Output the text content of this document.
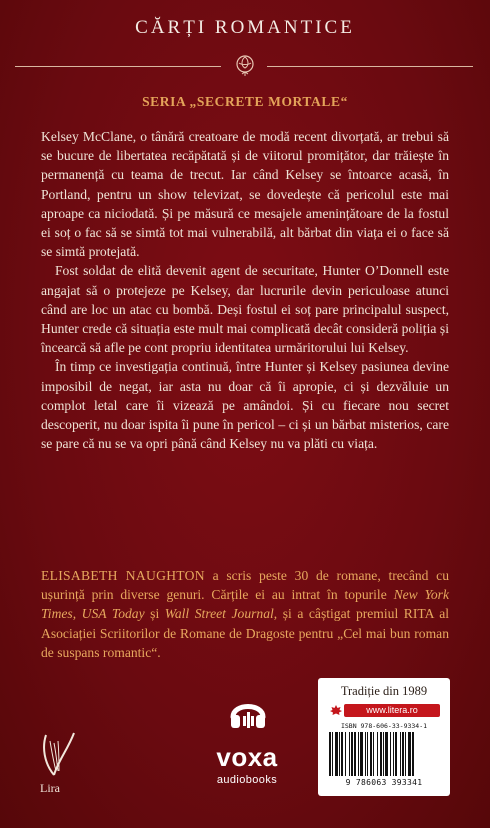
CĂRȚI ROMANTICE
SERIA „SECRETE MORTALE“

Kelsey McClane, o tânără creatoare de modă recent divorțată, ar trebui să se bucure de libertatea recăpătată și de viitorul promițător, dar trăiește în permanență cu teama de trecut. Iar când Kelsey se întoarce acasă, în Portland, pentru un show televizat, se dovedește că pericolul este mai aproape ca niciodată. Și pe măsură ce mesajele amenințătoare de la fostul ei soț o fac să se simtă tot mai vulnerabilă, alt bărbat din viața ei o face să se simtă protejată.

Fost soldat de elită devenit agent de securitate, Hunter O’Donnell este angajat să o protejeze pe Kelsey, dar lucrurile devin periculoase atunci când are loc un atac cu bombă. Deși fostul ei soț pare principalul suspect, Hunter crede că situația este mult mai complicată decât consideră poliția și încearcă să afle pe cont propriu identitatea urmăritorului lui Kelsey.

În timp ce investigația continuă, între Hunter și Kelsey pasiunea devine imposibil de negat, iar asta nu doar că îi apropie, ci și dezvăluie un complot letal care îi vizează pe amândoi. Și cu fiecare nou secret descoperit, nu doar ispita îi pune în pericol – ci și un bărbat misterios, care se pare că nu se va opri până când Kelsey nu va plăti cu viața.

ELISABETH NAUGHTON a scris peste 30 de romane, trecând cu ușurință prin diverse genuri. Cărțile ei au intrat în topurile New York Times, USA Today și Wall Street Journal, și a câștigat premiul RITA al Asociației Scriitorilor de Romane de Dragoste pentru „Cel mai bun roman de suspans romantic“.
Lira
voxa
audiobooks
Tradiție din 1989
www.litera.ro
ISBN 978-606-33-9334-1
9 786063 393341
